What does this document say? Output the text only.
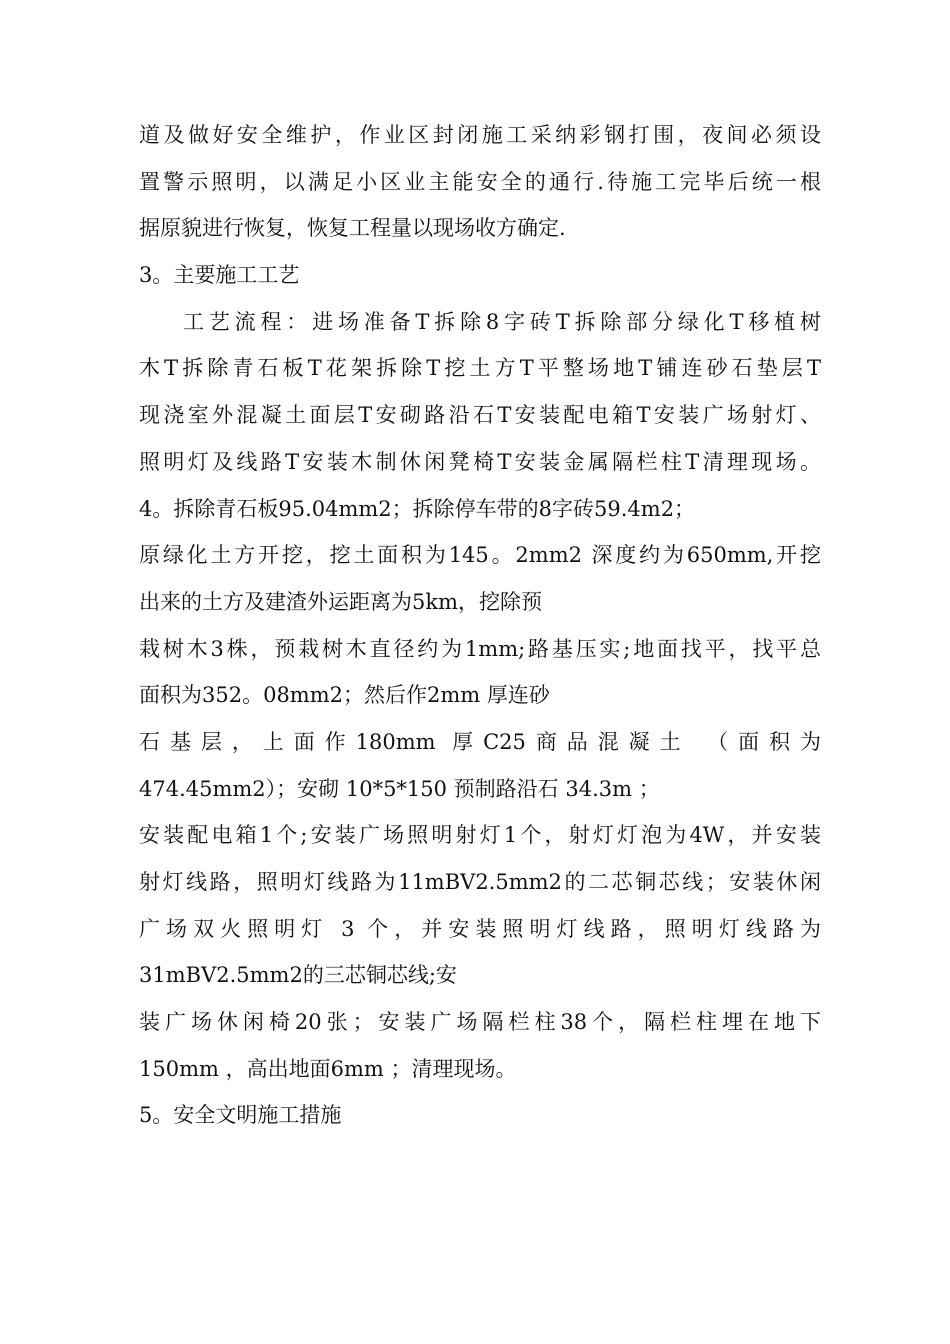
道及做好安全维护，作业区封闭施工采纳彩钢打围，夜间必须设
置警示照明，以满足小区业主能安全的通行.待施工完毕后统一根
据原貌进行恢复，恢复工程量以现场收方确定.
3。主要施工工艺
工艺流程：进场准备T拆除8字砖T拆除部分绿化T移植树
木T拆除青石板T花架拆除T挖土方T平整场地T铺连砂石垫层T
现浇室外混凝土面层T安砌路沿石T安装配电箱T安装广场射灯、
照明灯及线路T安装木制休闲凳椅T安装金属隔栏柱T清理现场。
4。拆除青石板95.04mm2；拆除停车带的8字砖59.4m2；
原绿化土方开挖，挖土面积为145。2mm2 深度约为650mm,开挖
出来的土方及建渣外运距离为5km，挖除预
栽树木3株，预栽树木直径约为1mm;路基压实;地面找平，找平总
面积为352。08mm2；然后作2mm 厚连砂
石基层，上面作180mm 厚C25商品混凝土 （面积为
474.45mm2）；安砌 10*5*150 预制路沿石 34.3m ；
安装配电箱1个;安装广场照明射灯1个，射灯灯泡为4W，并安装
射灯线路，照明灯线路为11mBV2.5mm2的二芯铜芯线；安装休闲
广场双火照明灯 3 个，并安装照明灯线路，照明灯线路为
31mBV2.5mm2的三芯铜芯线;安
装广场休闲椅20张；安装广场隔栏柱38个，隔栏柱埋在地下
150mm ，高出地面6mm ；清理现场。
5。安全文明施工措施
